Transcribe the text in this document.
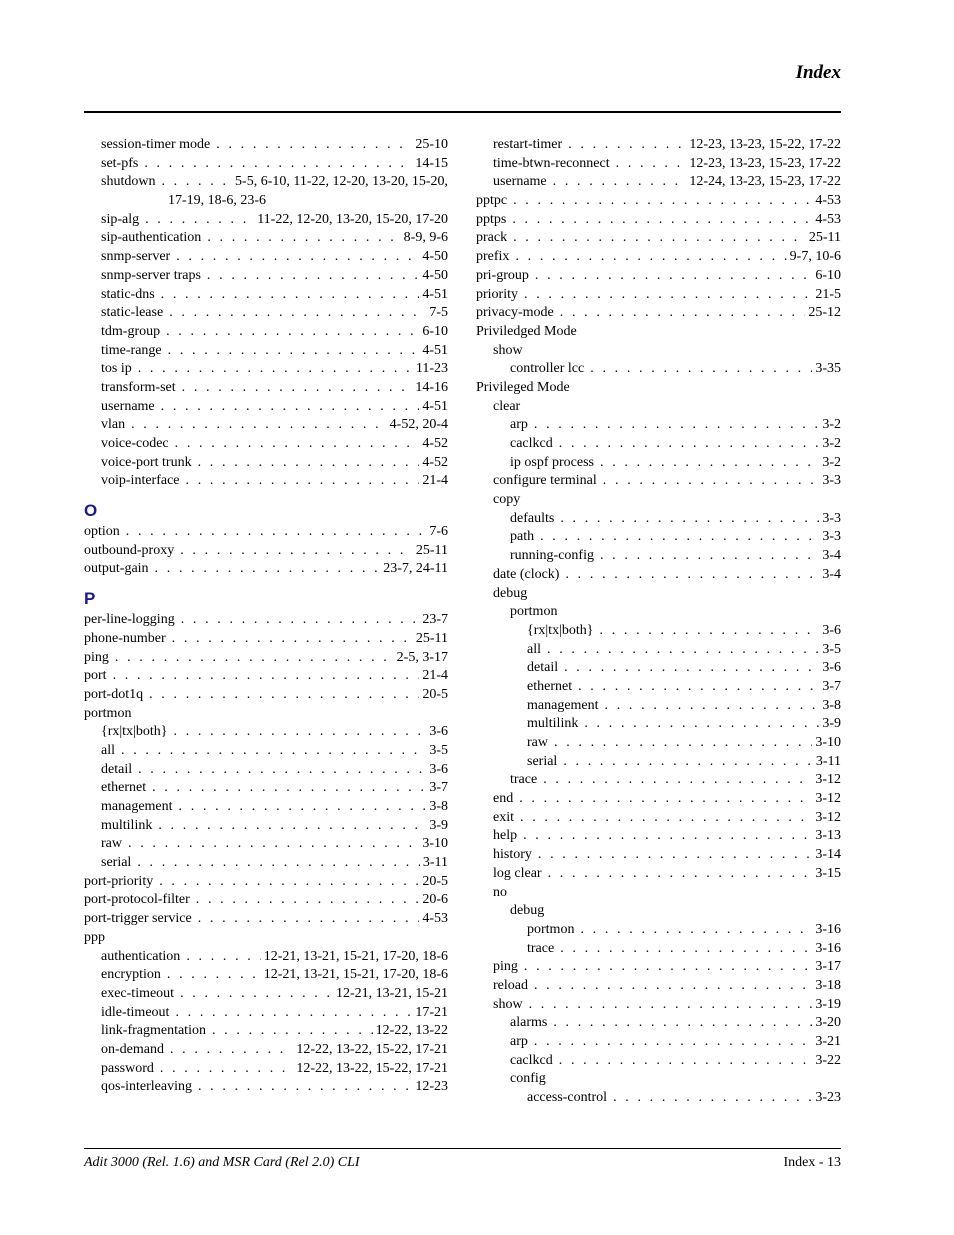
Index
session-timer mode . . .	25-10
set-pfs . . .	14-15
shutdown . . .	5-5, 6-10, 11-22, 12-20, 13-20, 15-20,
17-19, 18-6, 23-6
sip-alg . . .	11-22, 12-20, 13-20, 15-20, 17-20
sip-authentication . . .	8-9, 9-6
snmp-server . . .	4-50
snmp-server traps . . .	4-50
static-dns . . .	4-51
static-lease . . .	7-5
tdm-group . . .	6-10
time-range . . .	4-51
tos ip . . .	11-23
transform-set . . .	14-16
username . . .	4-51
vlan . . .	4-52, 20-4
voice-codec . . .	4-52
voice-port trunk . . .	4-52
voip-interface . . .	21-4
O
option . . .	7-6
outbound-proxy . . .	25-11
output-gain . . .	23-7, 24-11
P
per-line-logging . . .	23-7
phone-number . . .	25-11
ping . . .	2-5, 3-17
port . . .	21-4
port-dot1q . . .	20-5
portmon
{rx|tx|both} . . .	3-6
all . . .	3-5
detail . . .	3-6
ethernet . . .	3-7
management . . .	3-8
multilink . . .	3-9
raw . . .	3-10
serial . . .	3-11
port-priority . . .	20-5
port-protocol-filter . . .	20-6
port-trigger service . . .	4-53
ppp
authentication . . .	12-21, 13-21, 15-21, 17-20, 18-6
encryption . . .	12-21, 13-21, 15-21, 17-20, 18-6
exec-timeout . . .	12-21, 13-21, 15-21
idle-timeout . . .	17-21
link-fragmentation . . .	12-22, 13-22
on-demand . . .	12-22, 13-22, 15-22, 17-21
password . . .	12-22, 13-22, 15-22, 17-21
qos-interleaving . . .	12-23
restart-timer . . .	12-23, 13-23, 15-22, 17-22
time-btwn-reconnect . . .	12-23, 13-23, 15-23, 17-22
username . . .	12-24, 13-23, 15-23, 17-22
pptpc . . .	4-53
pptps . . .	4-53
prack . . .	25-11
prefix . . .	9-7, 10-6
pri-group . . .	6-10
priority . . .	21-5
privacy-mode . . .	25-12
Priviledged Mode
show
controller lcc . . .	3-35
Privileged Mode
clear
arp . . .	3-2
caclkcd . . .	3-2
ip ospf process . . .	3-2
configure terminal . . .	3-3
copy
defaults . . .	3-3
path . . .	3-3
running-config . . .	3-4
date (clock) . . .	3-4
debug
portmon
{rx|tx|both} . . .	3-6
all . . .	3-5
detail . . .	3-6
ethernet . . .	3-7
management . . .	3-8
multilink . . .	3-9
raw . . .	3-10
serial . . .	3-11
trace . . .	3-12
end . . .	3-12
exit . . .	3-12
help . . .	3-13
history . . .	3-14
log clear . . .	3-15
no
debug
portmon . . .	3-16
trace . . .	3-16
ping . . .	3-17
reload . . .	3-18
show . . .	3-19
alarms . . .	3-20
arp . . .	3-21
caclkcd . . .	3-22
config
access-control . . .	3-23
Adit 3000 (Rel. 1.6) and MSR Card (Rel 2.0) CLI	Index - 13
